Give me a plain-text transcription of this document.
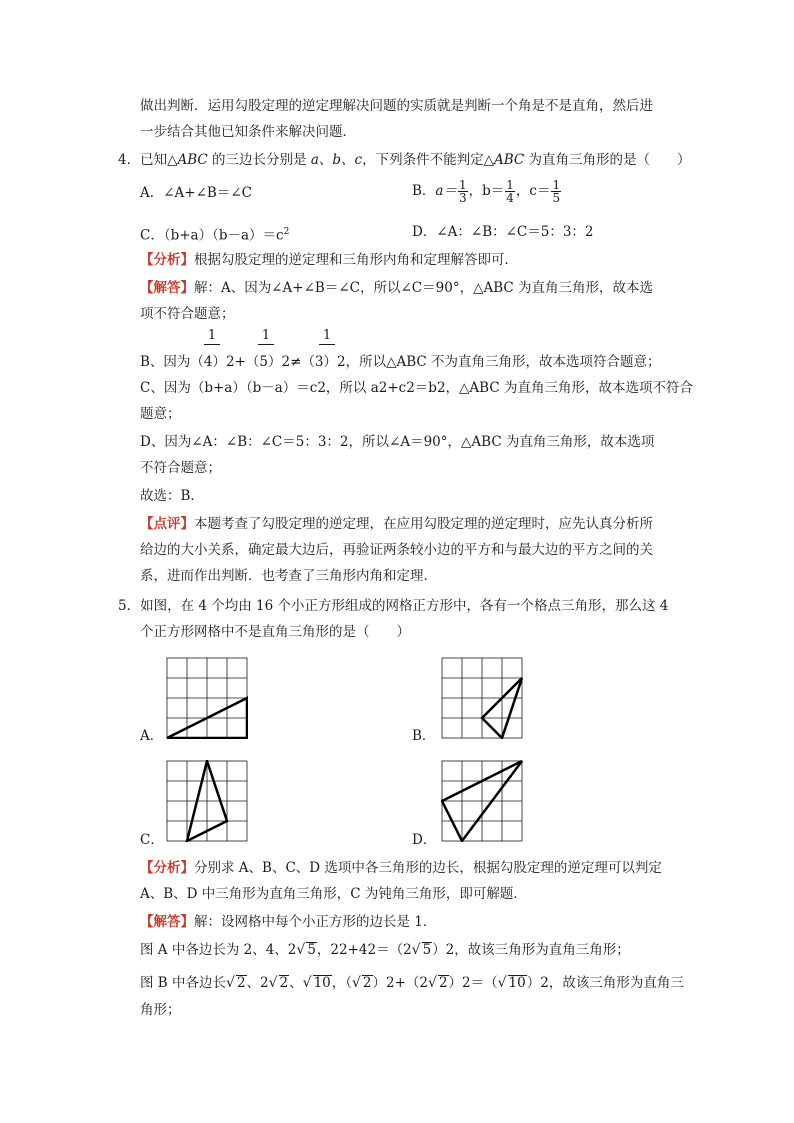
做出判断．运用勾股定理的逆定理解决问题的实质就是判断一个角是不是直角，然后进
一步结合其他已知条件来解决问题．
4．已知△ABC 的三边长分别是 a、b、c，下列条件不能判定△ABC 为直角三角形的是（　　）
A．∠A+∠B＝∠C	B．$a= \frac{1}{3}$ ，$b= \frac{1}{4}$ ，$c= \frac{1}{5}$
C．$(b+a)(b-a)=c^2$	D．∠A：∠B：∠C＝5：3：2
【分析】根据勾股定理的逆定理和三角形内角和定理解答即可．
【解答】解：A、因为∠A+∠B＝∠C，所以∠C＝90°，△ABC 为直角三角形，故本选
项不符合题意；
1	1	1
B、因为（4）2+（5）2≠（3）2，所以△ABC 不为直角三角形，故本选项符合题意；
C、因为（b+a）（b－a）＝c2，所以 a2+c2＝b2，△ABC 为直角三角形，故本选项不符合
题意；
D、因为∠A：∠B：∠C＝5：3：2，所以∠A＝90°，△ABC 为直角三角形，故本选项
不符合题意；
故选：B．
【点评】本题考查了勾股定理的逆定理，在应用勾股定理的逆定理时，应先认真分析所
给边的大小关系，确定最大边后，再验证两条较小边的平方和与最大边的平方之间的关
系，进而作出判断．也考查了三角形内角和定理．
5．如图，在 4 个均由 16 个小正方形组成的网格正方形中，各有一个格点三角形，那么这 4
个正方形网格中不是直角三角形的是（　　）
A．	B．
C．	D．
【分析】分别求 A、B、C、D 选项中各三角形的边长，根据勾股定理的逆定理可以判定
A、B、D 中三角形为直角三角形，C 为钝角三角形，即可解题．
【解答】解：设网格中每个小正方形的边长是 1．
图 A 中各边长为 2、4、2√ 5，22+42＝（2√ 5）2，故该三角形为直角三角形；
图 B 中各边长√ 2、2√ 2、√ 10，（√ 2）2+（2√ 2）2＝（√ 10）2，故该三角形为直角三
角形；
